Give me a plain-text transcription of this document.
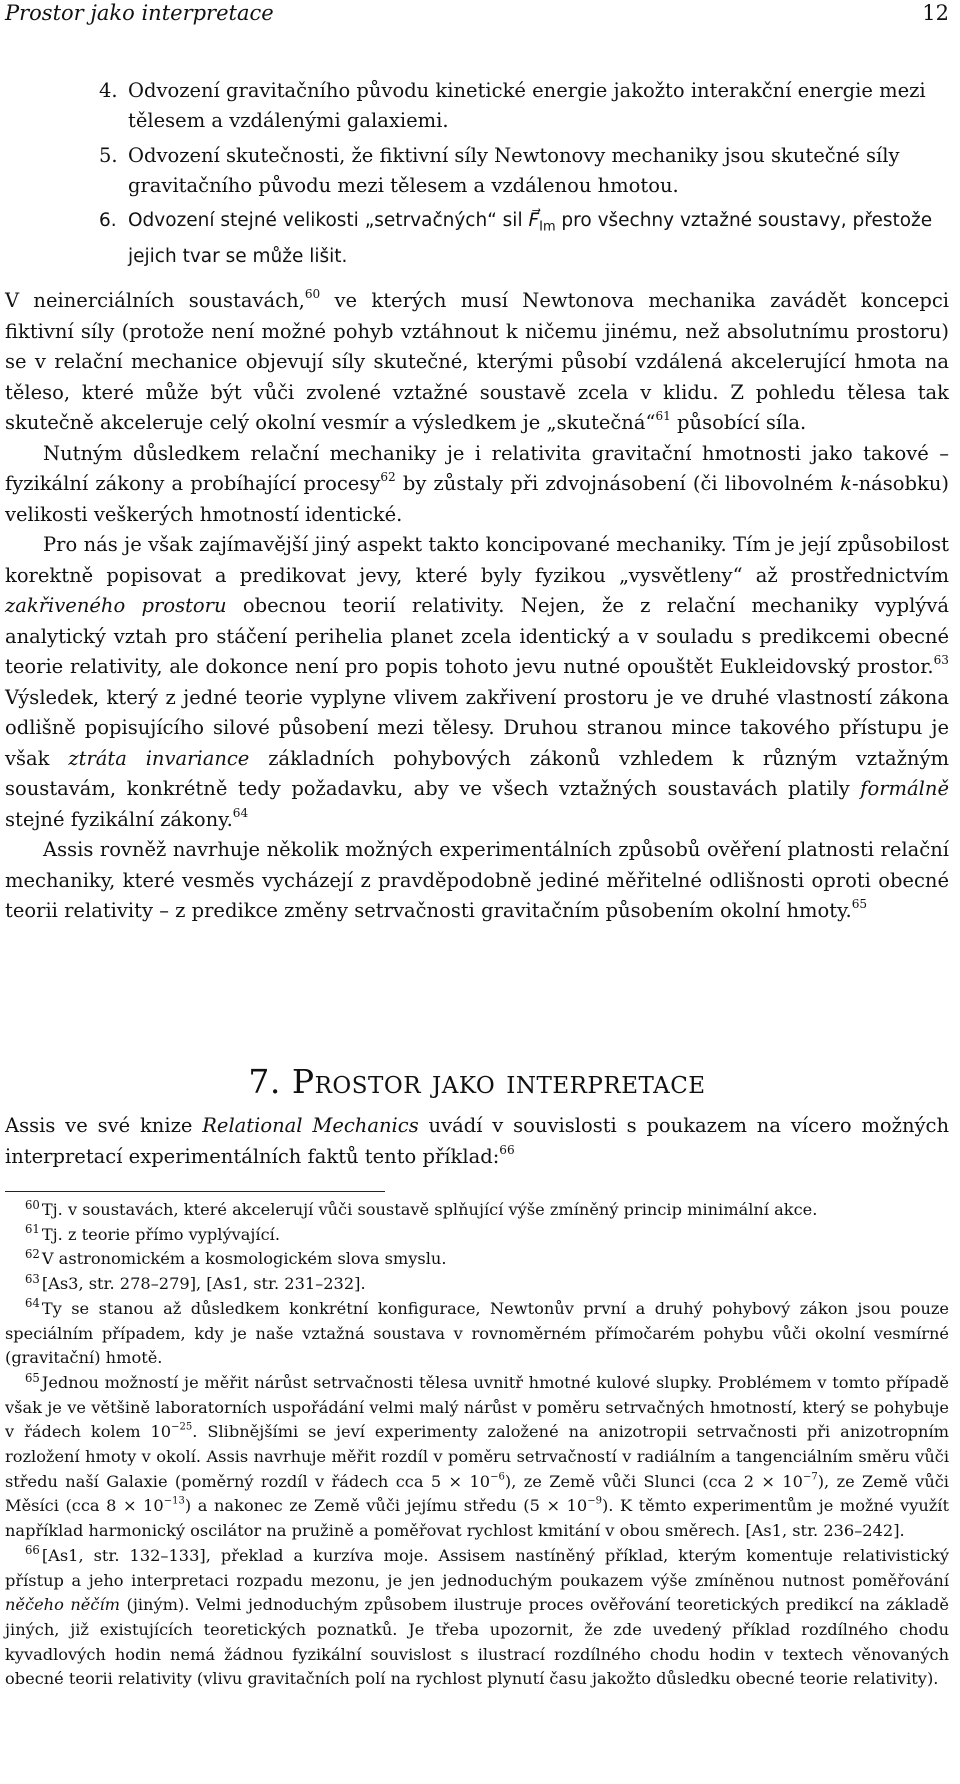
Prostor jako interpretace	12
4. Odvození gravitačního původu kinetické energie jakožto interakční energie mezi tělesem a vzdálenými galaxiemi.
5. Odvození skutečnosti, že fiktivní síly Newtonovy mechaniky jsou skutečné síly gravitačního původu mezi tělesem a vzdálenou hmotou.
6. Odvození stejné velikosti „setrvačných“ sil $F⃗_{Im}$ pro všechny vztažné soustavy, přestože jejich tvar se může lišit.

V neinerciálních soustavách,$^{60}$ ve kterých musí Newtonova mechanika zavádět koncepci fiktivní síly (protože není možné pohyb vztáhnout k ničemu jinému, než absolutnímu prostoru) se v relační mechanice objevují síly skutečné, kterými působí vzdálená akcelerující hmota na těleso, které může být vůči zvolené vztažné soustavě zcela v klidu. Z pohledu tělesa tak skutečně akceleruje celý okolní vesmír a výsledkem je „skutečná“$^{61}$ působící síla.

Nutným důsledkem relační mechaniky je i relativita gravitační hmotnosti jako takové – fyzikální zákony a probíhající procesy$^{62}$ by zůstaly při zdvojnásobení (či libovolném k-násobku) velikosti veškerých hmotností identické.

Pro nás je však zajímavější jiný aspekt takto koncipované mechaniky. Tím je její způsobilost korektně popisovat a predikovat jevy, které byly fyzikou „vysvětleny“ až prostřednictvím zakřiveného prostoru obecnou teorií relativity. Nejen, že z relační mechaniky vyplývá analytický vztah pro stáčení perihelia planet zcela identický a v souladu s predikcemi obecné teorie relativity, ale dokonce není pro popis tohoto jevu nutné opouštět Eukleidovský prostor.$^{63}$ Výsledek, který z jedné teorie vyplyne vlivem zakřivení prostoru je ve druhé vlastností zákona odlišně popisujícího silové působení mezi tělesy. Druhou stranou mince takového přístupu je však ztráta invariance základních pohybových zákonů vzhledem k různým vztažným soustavám, konkrétně tedy požadavku, aby ve všech vztažných soustavách platily formálně stejné fyzikální zákony.$^{64}$

Assis rovněž navrhuje několik možných experimentálních způsobů ověření platnosti relační mechaniky, které vesměs vycházejí z pravděpodobně jediné měřitelné odlišnosti oproti obecné teorii relativity – z predikce změny setrvačnosti gravitačním působením okolní hmoty.$^{65}$

7. Prostor jako interpretace

Assis ve své knize Relational Mechanics uvádí v souvislosti s poukazem na vícero možných interpretací experimentálních faktů tento příklad:$^{66}$

$^{60}$ Tj. v soustavách, které akcelerují vůči soustavě splňující výše zmíněný princip minimální akce.

$^{61}$ Tj. z teorie přímo vyplývající.

$^{62}$ V astronomickém a kosmologickém slova smyslu.

$^{63}$ [As3, str. 278–279], [As1, str. 231–232].

$^{64}$ Ty se stanou až důsledkem konkrétní konfigurace, Newtonův první a druhý pohybový zákon jsou pouze speciálním případem, kdy je naše vztažná soustava v rovnoměrném přímočarém pohybu vůči okolní vesmírné (gravitační) hmotě.

$^{65}$ Jednou možností je měřit nárůst setrvačnosti tělesa uvnitř hmotné kulové slupky. Problémem v tomto případě však je ve většině laboratorních uspořádání velmi malý nárůst v poměru setrvačných hmotností, který se pohybuje v řádech kolem $10^{-25}$. Slibnějšími se jeví experimenty založené na anizotropii setrvačnosti při anizotropním rozložení hmoty v okolí. Assis navrhuje měřit rozdíl v poměru setrvačností v radiálním a tangenciálním směru vůči středu naší Galaxie (poměrný rozdíl v řádech cca $5 \times 10^{-6}$), ze Země vůči Slunci (cca $2 \times 10^{-7}$), ze Země vůči Měsíci (cca $8 \times 10^{-13}$) a nakonec ze Země vůči jejímu středu $(5 \times 10^{-9})$. K těmto experimentům je možné využít například harmonický oscilátor na pružině a poměřovat rychlost kmitání v obou směrech. [As1, str. 236–242].

$^{66}$ [As1, str. 132–133], překlad a kurzíva moje. Assisem nastíněný příklad, kterým komentuje relativistický přístup a jeho interpretaci rozpadu mezonu, je jen jednoduchým poukazem výše zmíněnou nutnost poměřování něčeho něčím (jiným). Velmi jednoduchým způsobem ilustruje proces ověřování teoretických predikcí na základě jiných, již existujících teoretických poznatků. Je třeba upozornit, že zde uvedený příklad rozdílného chodu kyvadlových hodin nemá žádnou fyzikální souvislost s ilustrací rozdílného chodu hodin v textech věnovaných obecné teorii relativity (vlivu gravitačních polí na rychlost plynutí času jakožto důsledku obecné teorie relativity).
